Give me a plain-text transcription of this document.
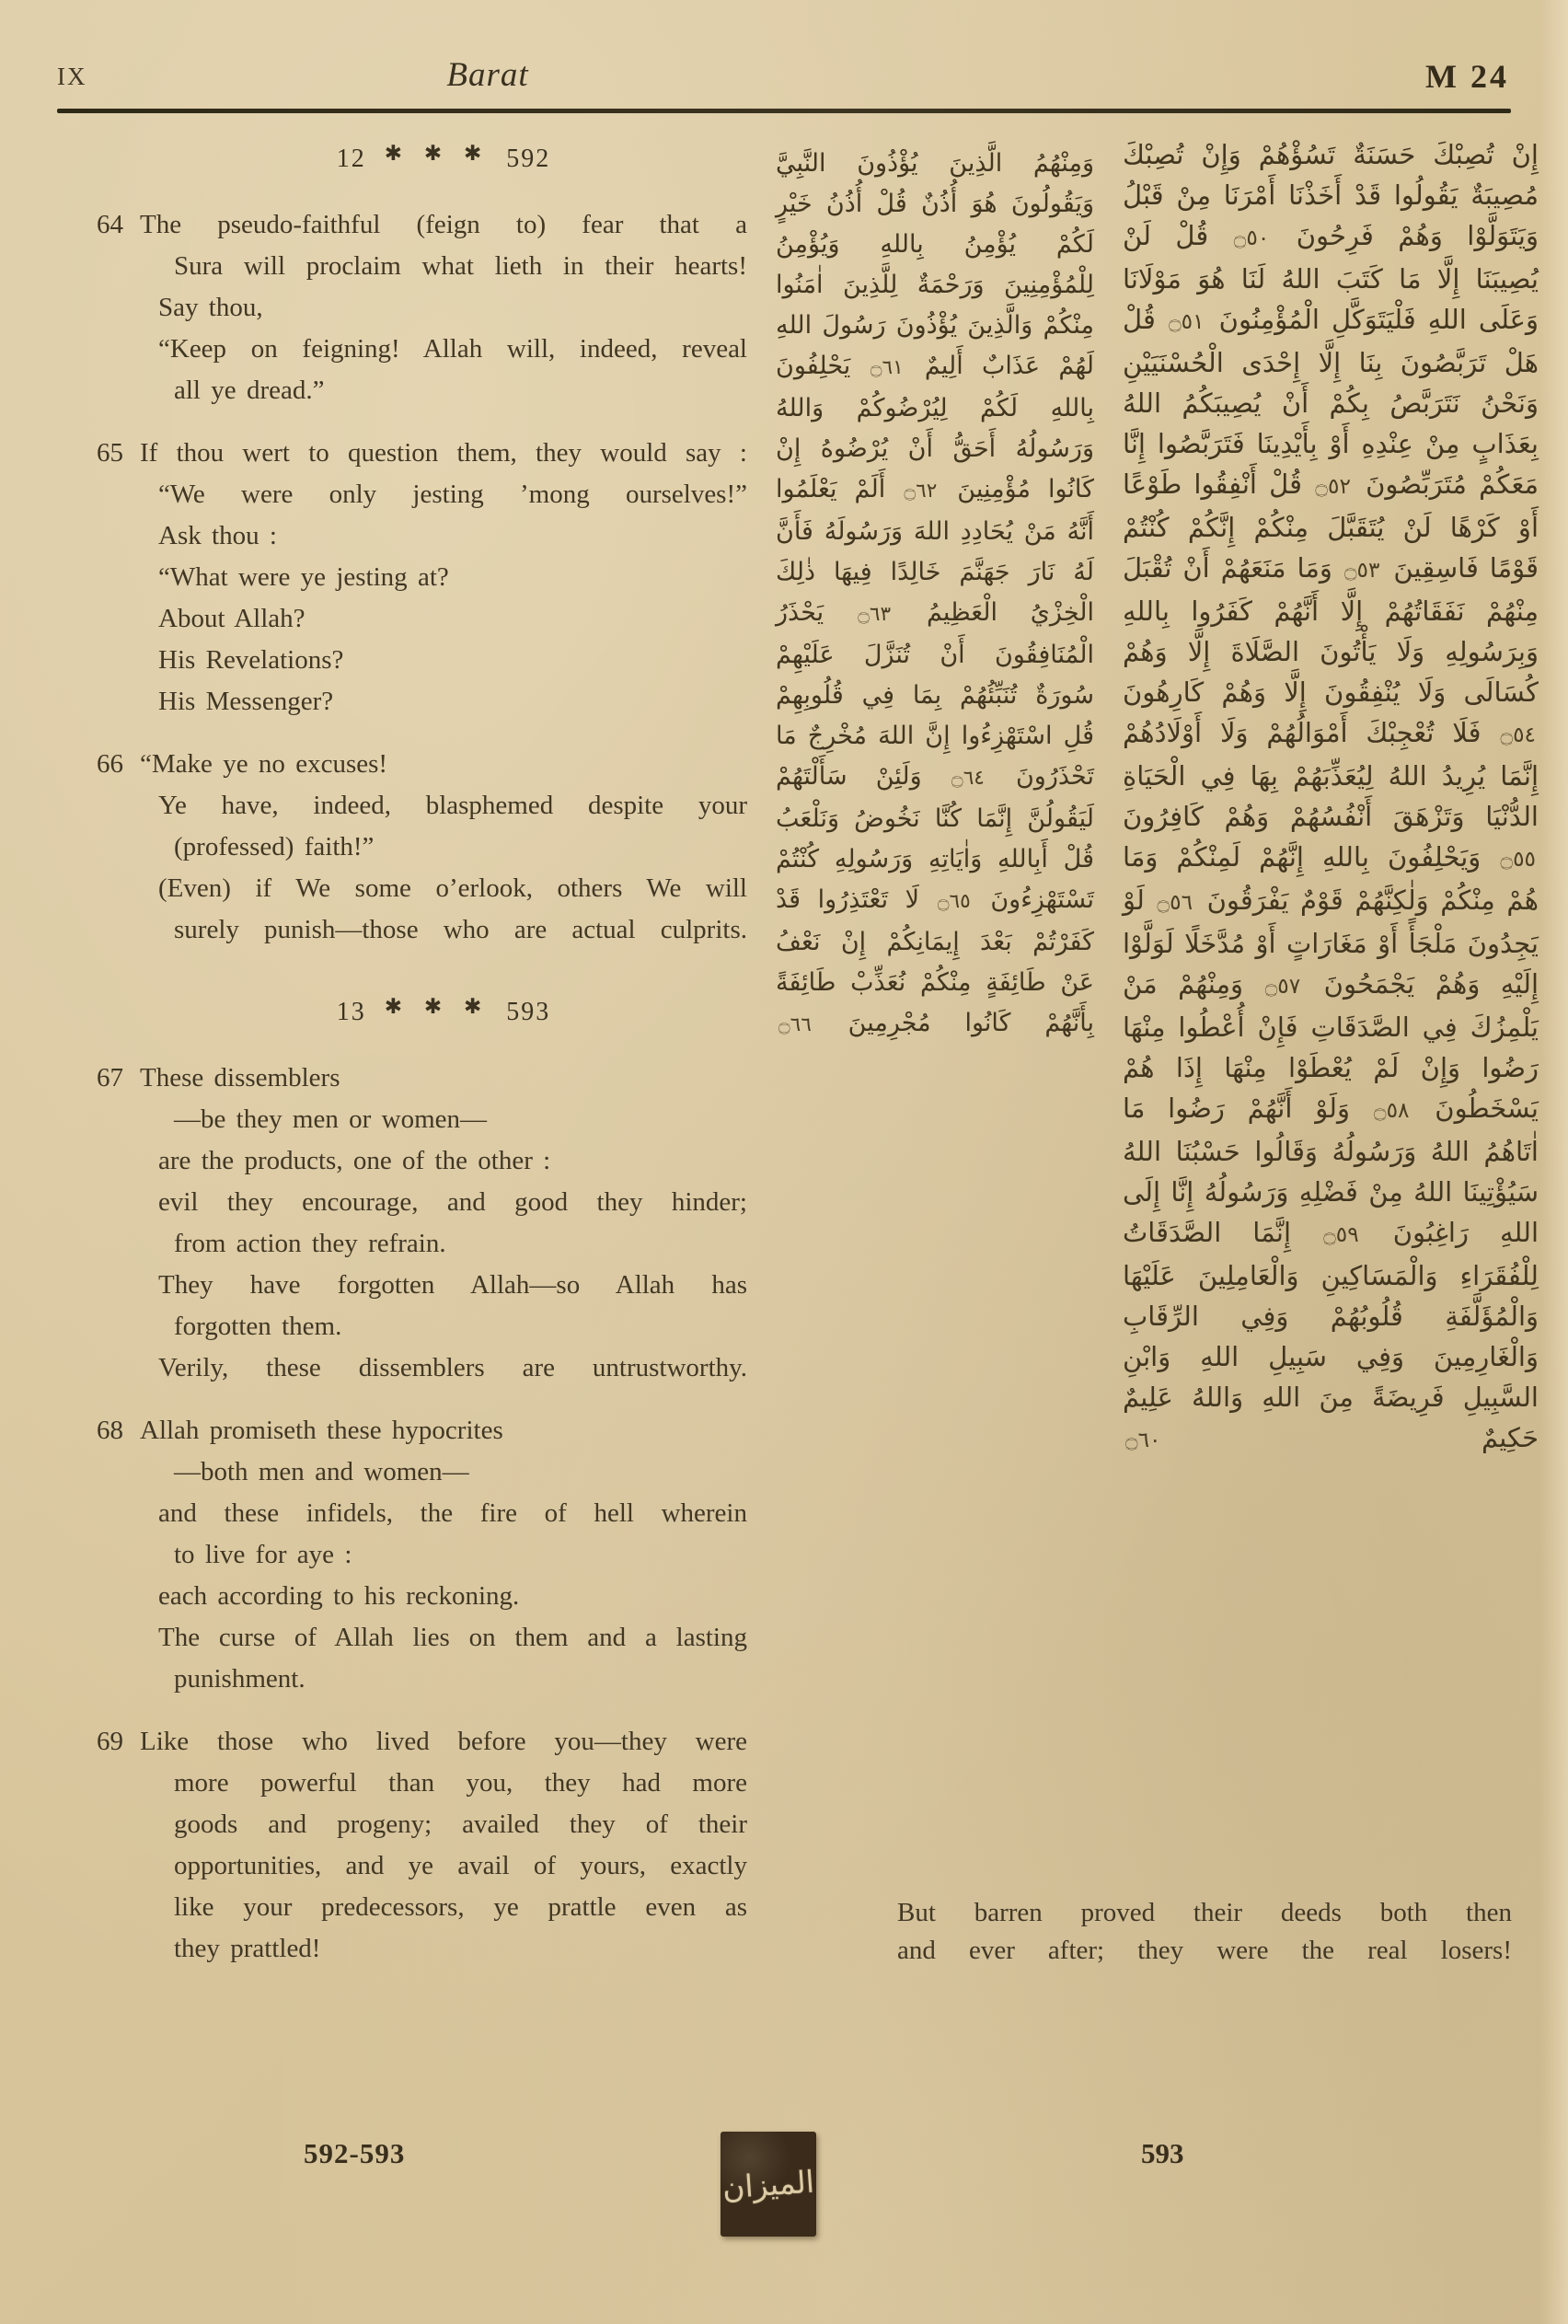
IX	Barat	M 24
12 ✱ ✱ ✱ 592
64 The pseudo-faithful (feign to) fear that a
Sura will proclaim what lieth in their hearts!
Say thou,
“Keep on feigning! Allah will, indeed, reveal
all ye dread.”
65 If thou wert to question them, they would say :
“We were only jesting ’mong ourselves!”
Ask thou :
“What were ye jesting at?
About Allah?
His Revelations?
His Messenger?
66 “Make ye no excuses!
Ye have, indeed, blasphemed despite your
(professed) faith!”
(Even) if We some o’erlook, others We will
surely punish—those who are actual culprits.
13 ✱ ✱ ✱ 593
67 These dissemblers
—be they men or women—
are the products, one of the other :
evil they encourage, and good they hinder;
from action they refrain.
They have forgotten Allah—so Allah has
forgotten them.
Verily, these dissemblers are untrustworthy.
68 Allah promiseth these hypocrites
—both men and women—
and these infidels, the fire of hell wherein
to live for aye :
each according to his reckoning.
The curse of Allah lies on them and a lasting
punishment.
69 Like those who lived before you—they were
more powerful than you, they had more
goods and progeny; availed they of their
opportunities, and ye avail of yours, exactly
like your predecessors, ye prattle even as
they prattled!

وَمِنْهُمُ الَّذِينَ يُؤْذُونَ النَّبِيَّ وَيَقُولُونَ هُوَ أُذُنٌ قُلْ أُذُنُ خَيْرٍ لَكُمْ يُؤْمِنُ بِاللهِ وَيُؤْمِنُ لِلْمُؤْمِنِينَ وَرَحْمَةٌ لِلَّذِينَ اٰمَنُوا مِنْكُمْ وَالَّذِينَ يُؤْذُونَ رَسُولَ اللهِ لَهُمْ عَذَابٌ أَلِيمٌ ۝٦١ يَحْلِفُونَ بِاللهِ لَكُمْ لِيُرْضُوكُمْ وَاللهُ وَرَسُولُهُ أَحَقُّ أَنْ يُرْضُوهُ إِنْ كَانُوا مُؤْمِنِينَ ۝٦٢ أَلَمْ يَعْلَمُوا أَنَّهُ مَنْ يُحَادِدِ اللهَ وَرَسُولَهُ فَأَنَّ لَهُ نَارَ جَهَنَّمَ خَالِدًا فِيهَا ذٰلِكَ الْخِزْيُ الْعَظِيمُ ۝٦٣ يَحْذَرُ الْمُنَافِقُونَ أَنْ تُنَزَّلَ عَلَيْهِمْ سُورَةٌ تُنَبِّئُهُمْ بِمَا فِي قُلُوبِهِمْ قُلِ اسْتَهْزِءُوا إِنَّ اللهَ مُخْرِجٌ مَا تَحْذَرُونَ ۝٦٤ وَلَئِنْ سَأَلْتَهُمْ لَيَقُولُنَّ إِنَّمَا كُنَّا نَخُوضُ وَنَلْعَبُ قُلْ أَبِاللهِ وَاٰيَاتِهِ وَرَسُولِهِ كُنْتُمْ تَسْتَهْزِءُونَ ۝٦٥ لَا تَعْتَذِرُوا قَدْ كَفَرْتُمْ بَعْدَ إِيمَانِكُمْ إِنْ نَعْفُ عَنْ طَائِفَةٍ مِنْكُمْ نُعَذِّبْ طَائِفَةً بِأَنَّهُمْ كَانُوا مُجْرِمِينَ ۝٦٦

إِنْ تُصِبْكَ حَسَنَةٌ تَسُؤْهُمْ وَإِنْ تُصِبْكَ مُصِيبَةٌ يَقُولُوا قَدْ أَخَذْنَا أَمْرَنَا مِنْ قَبْلُ وَيَتَوَلَّوْا وَهُمْ فَرِحُونَ ۝٥٠ قُلْ لَنْ يُصِيبَنَا إِلَّا مَا كَتَبَ اللهُ لَنَا هُوَ مَوْلَانَا وَعَلَى اللهِ فَلْيَتَوَكَّلِ الْمُؤْمِنُونَ ۝٥١ قُلْ هَلْ تَرَبَّصُونَ بِنَا إِلَّا إِحْدَى الْحُسْنَيَيْنِ وَنَحْنُ نَتَرَبَّصُ بِكُمْ أَنْ يُصِيبَكُمُ اللهُ بِعَذَابٍ مِنْ عِنْدِهِ أَوْ بِأَيْدِينَا فَتَرَبَّصُوا إِنَّا مَعَكُمْ مُتَرَبِّصُونَ ۝٥٢ قُلْ أَنْفِقُوا طَوْعًا أَوْ كَرْهًا لَنْ يُتَقَبَّلَ مِنْكُمْ إِنَّكُمْ كُنْتُمْ قَوْمًا فَاسِقِينَ ۝٥٣ وَمَا مَنَعَهُمْ أَنْ تُقْبَلَ مِنْهُمْ نَفَقَاتُهُمْ إِلَّا أَنَّهُمْ كَفَرُوا بِاللهِ وَبِرَسُولِهِ وَلَا يَأْتُونَ الصَّلَاةَ إِلَّا وَهُمْ كُسَالَى وَلَا يُنْفِقُونَ إِلَّا وَهُمْ كَارِهُونَ ۝٥٤ فَلَا تُعْجِبْكَ أَمْوَالُهُمْ وَلَا أَوْلَادُهُمْ إِنَّمَا يُرِيدُ اللهُ لِيُعَذِّبَهُمْ بِهَا فِي الْحَيَاةِ الدُّنْيَا وَتَزْهَقَ أَنْفُسُهُمْ وَهُمْ كَافِرُونَ ۝٥٥ وَيَحْلِفُونَ بِاللهِ إِنَّهُمْ لَمِنْكُمْ وَمَا هُمْ مِنْكُمْ وَلٰكِنَّهُمْ قَوْمٌ يَفْرَقُونَ ۝٥٦ لَوْ يَجِدُونَ مَلْجَأً أَوْ مَغَارَاتٍ أَوْ مُدَّخَلًا لَوَلَّوْا إِلَيْهِ وَهُمْ يَجْمَحُونَ ۝٥٧ وَمِنْهُمْ مَنْ يَلْمِزُكَ فِي الصَّدَقَاتِ فَإِنْ أُعْطُوا مِنْهَا رَضُوا وَإِنْ لَمْ يُعْطَوْا مِنْهَا إِذَا هُمْ يَسْخَطُونَ ۝٥٨ وَلَوْ أَنَّهُمْ رَضُوا مَا اٰتَاهُمُ اللهُ وَرَسُولُهُ وَقَالُوا حَسْبُنَا اللهُ سَيُؤْتِينَا اللهُ مِنْ فَضْلِهِ وَرَسُولُهُ إِنَّا إِلَى اللهِ رَاغِبُونَ ۝٥٩ إِنَّمَا الصَّدَقَاتُ لِلْفُقَرَاءِ وَالْمَسَاكِينِ وَالْعَامِلِينَ عَلَيْهَا وَالْمُؤَلَّفَةِ قُلُوبُهُمْ وَفِي الرِّقَابِ وَالْغَارِمِينَ وَفِي سَبِيلِ اللهِ وَابْنِ السَّبِيلِ فَرِيضَةً مِنَ اللهِ وَاللهُ عَلِيمٌ حَكِيمٌ ۝٦٠

But barren proved their deeds both then
and ever after; they were the real losers!
592-593
الميزان
593
